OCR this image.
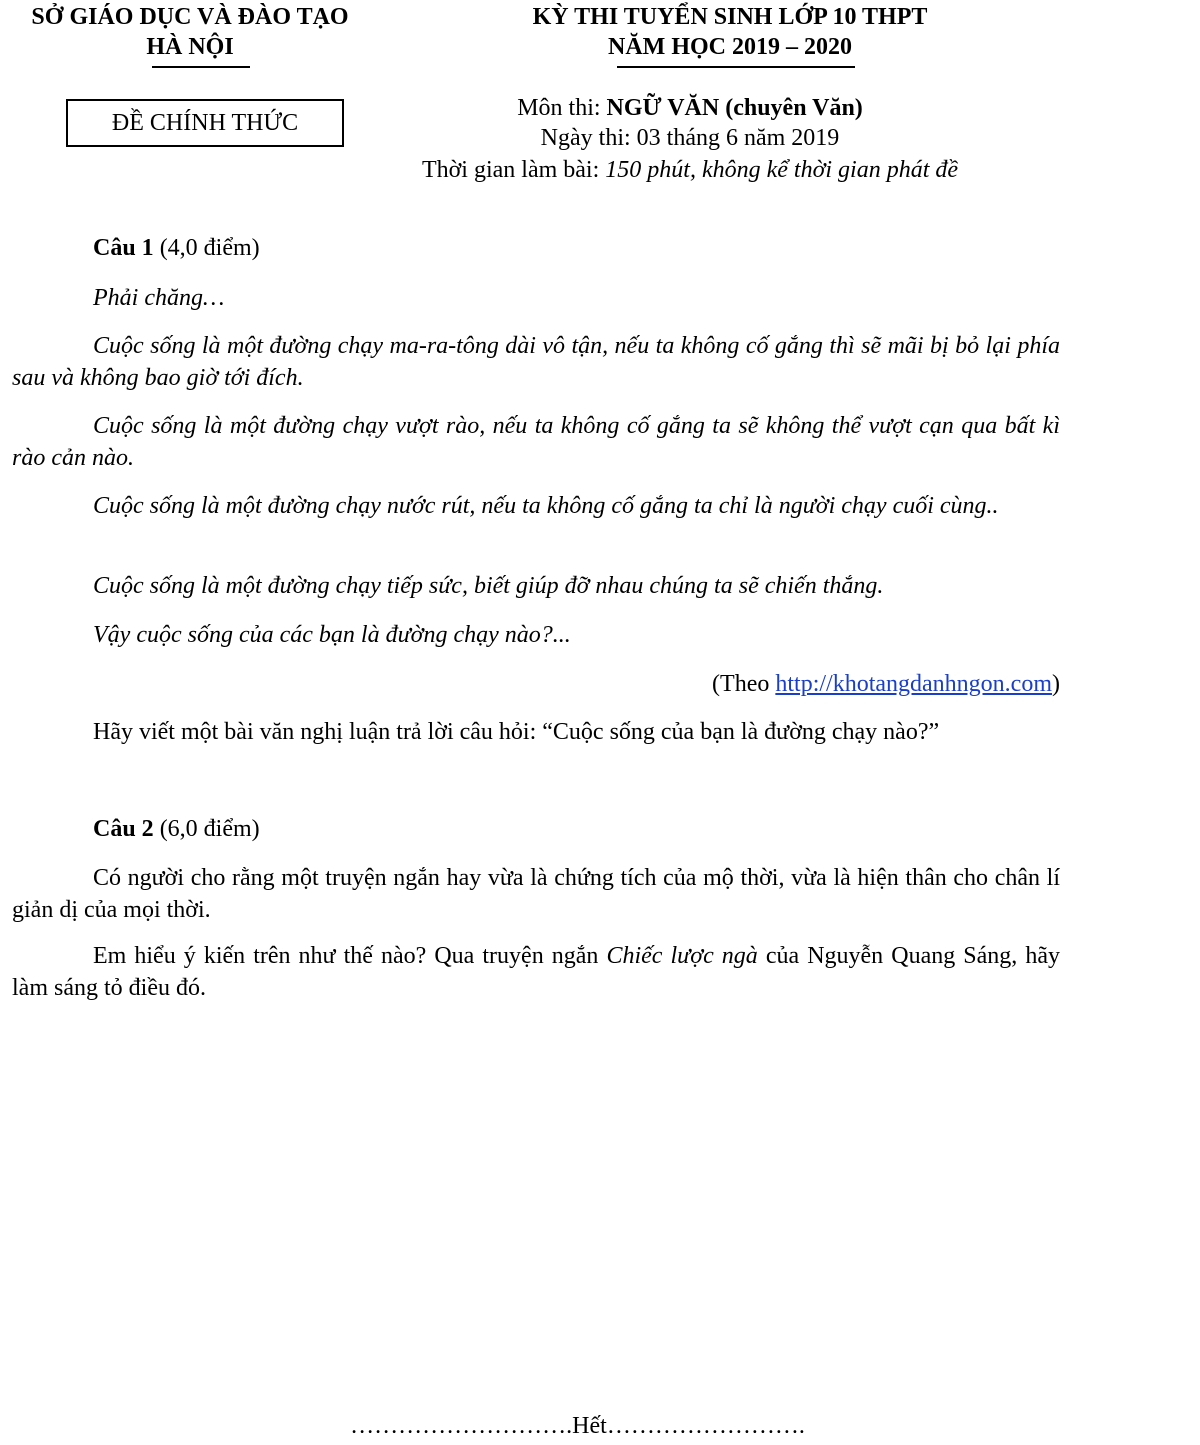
SỞ GIÁO DỤC VÀ ĐÀO TẠO
HÀ NỘI
KỲ THI TUYỂN SINH LỚP 10 THPT
NĂM HỌC 2019 – 2020
ĐỀ CHÍNH THỨC
Môn thi: NGỮ VĂN (chuyên Văn)
Ngày thi: 03 tháng 6 năm 2019
Thời gian làm bài: 150 phút, không kể thời gian phát đề

Câu 1 (4,0 điểm)

Phải chăng…

Cuộc sống là một đường chạy ma-ra-tông dài vô tận, nếu ta không cố gắng thì sẽ mãi bị bỏ lại phía sau và không bao giờ tới đích.

Cuộc sống là một đường chạy vượt rào, nếu ta không cố gắng ta sẽ không thể vượt cạn qua bất kì rào cản nào.

Cuộc sống là một đường chạy nước rút, nếu ta không cố gắng ta chỉ là người chạy cuối cùng..

Cuộc sống là một đường chạy tiếp sức, biết giúp đỡ nhau chúng ta sẽ chiến thắng.

Vậy cuộc sống của các bạn là đường chạy nào?...

(Theo http://khotangdanhngon.com)

Hãy viết một bài văn nghị luận trả lời câu hỏi: “Cuộc sống của bạn là đường chạy nào?”

Câu 2 (6,0 điểm)

Có người cho rằng một truyện ngắn hay vừa là chứng tích của mộ thời, vừa là hiện thân cho chân lí giản dị của mọi thời.

Em hiểu ý kiến trên như thế nào? Qua truyện ngắn Chiếc lược ngà của Nguyễn Quang Sáng, hãy làm sáng tỏ điều đó.

……………………….Hết…………………….
